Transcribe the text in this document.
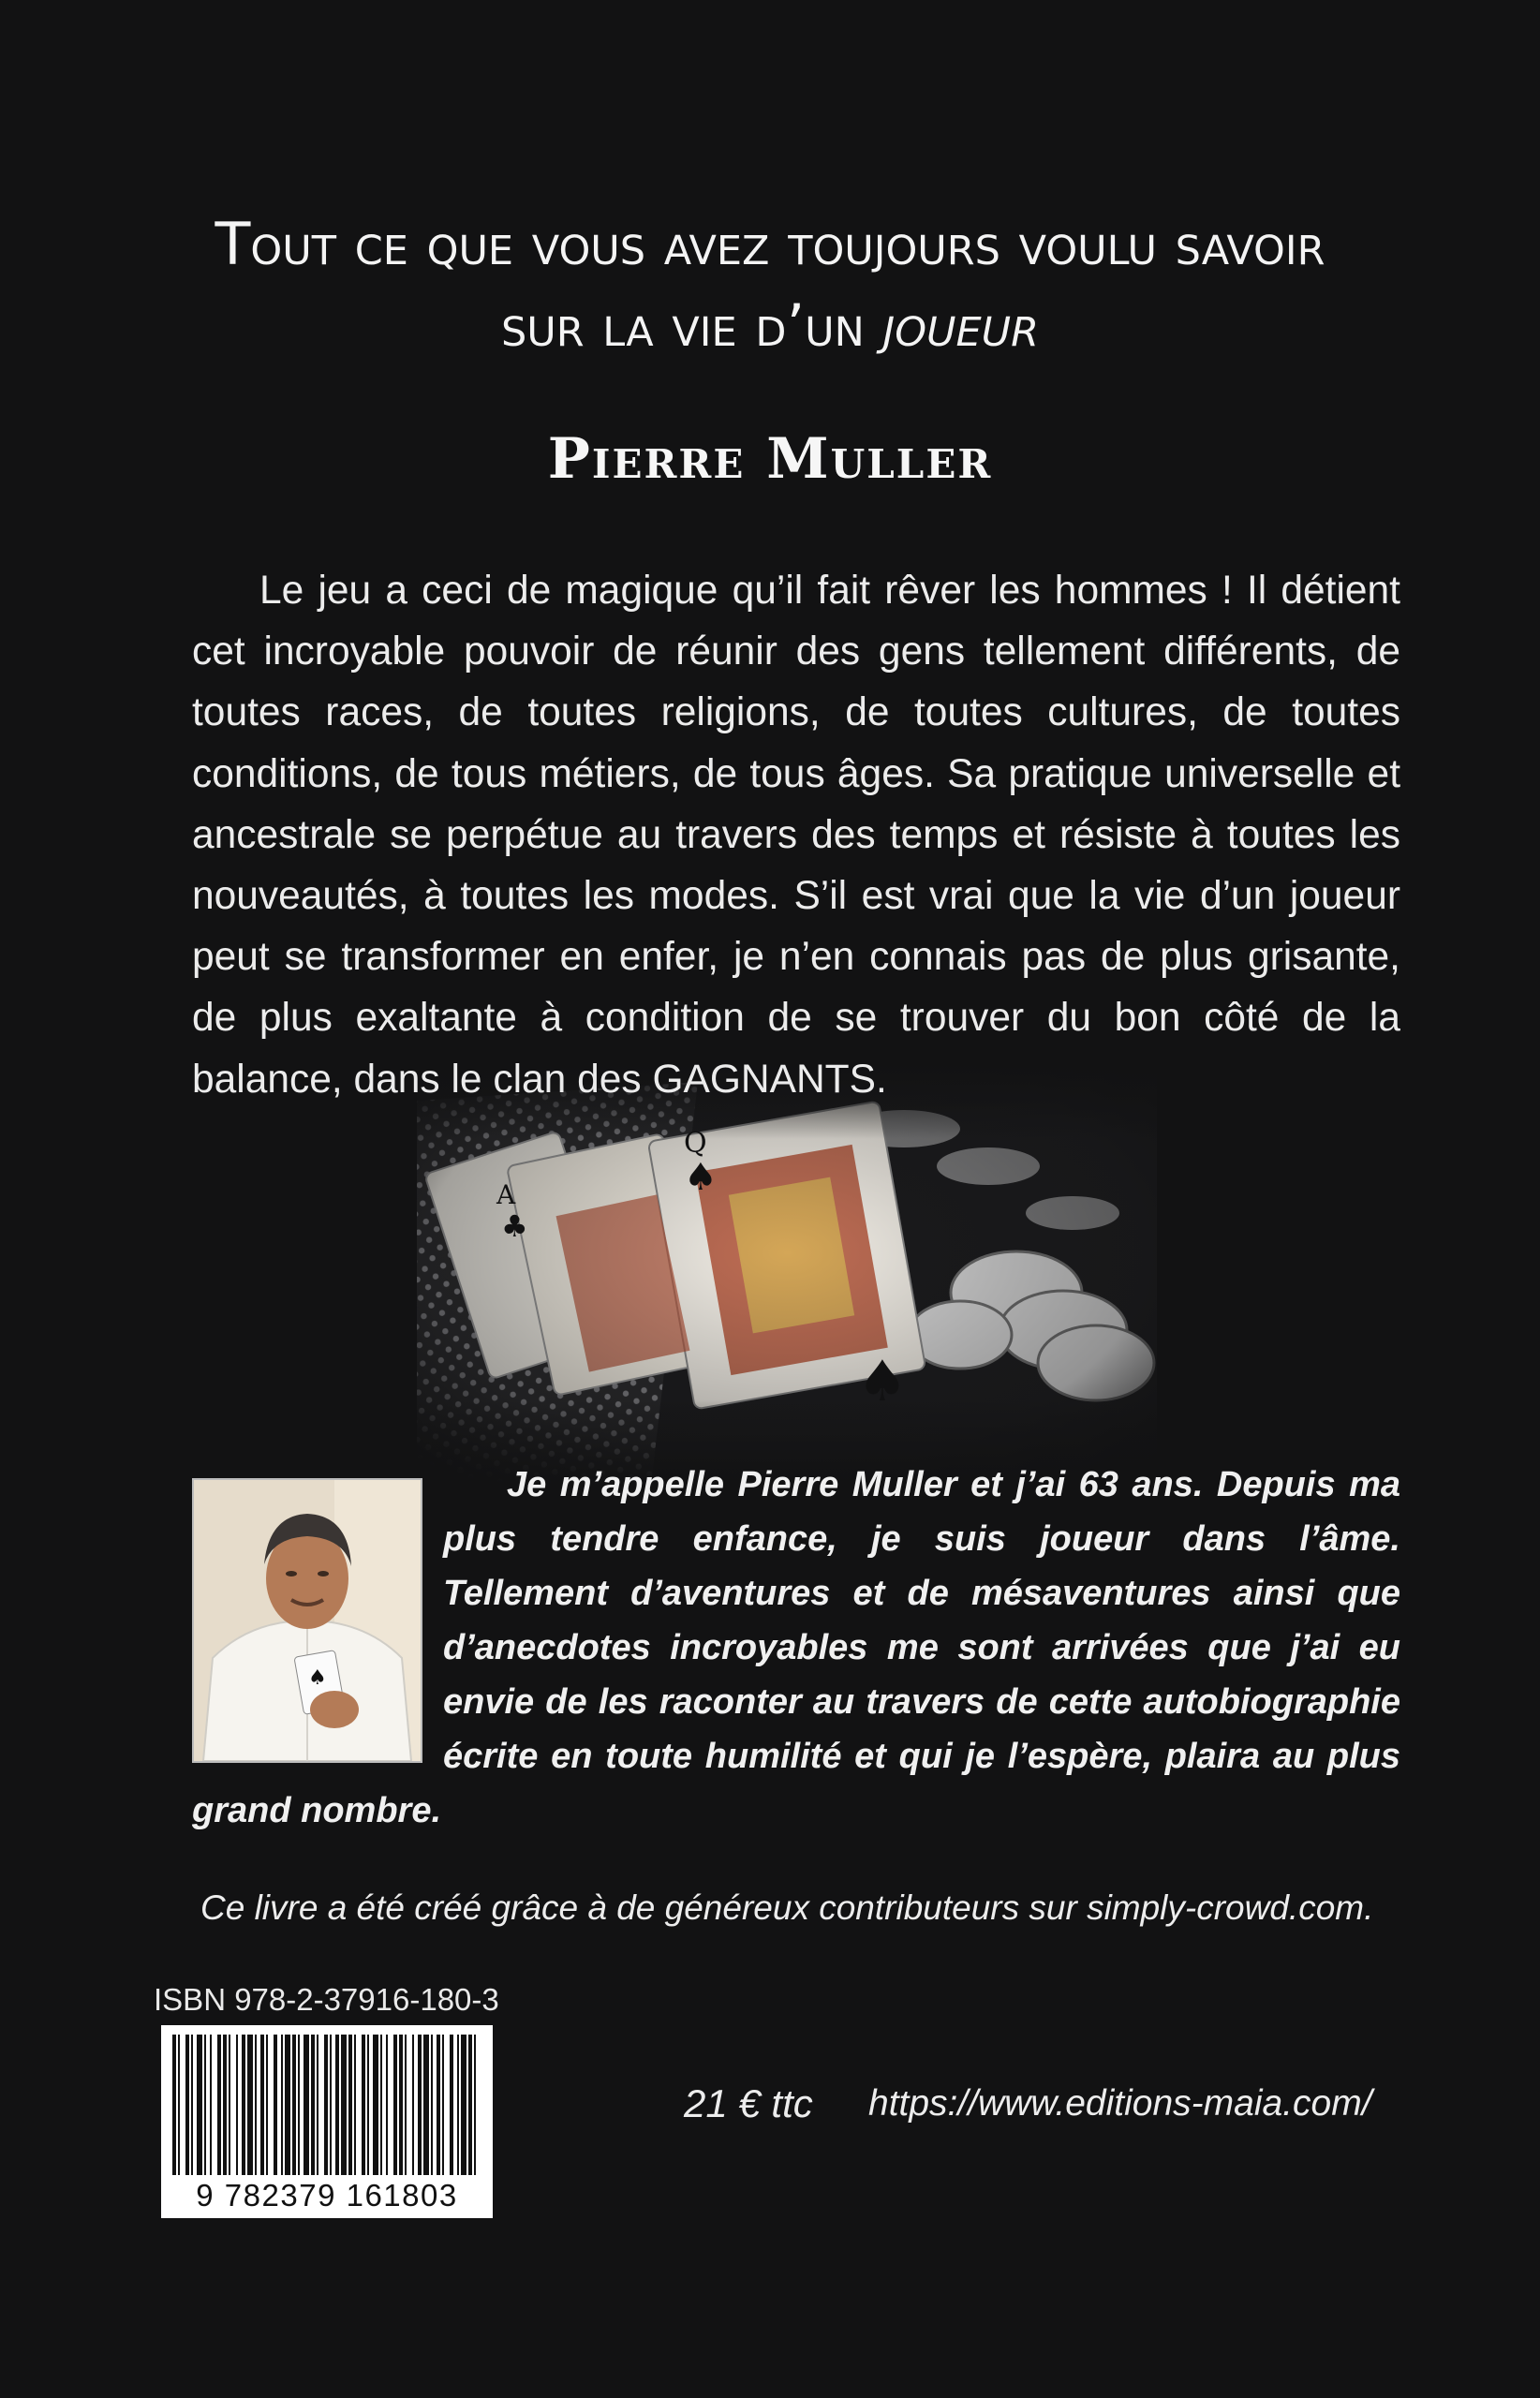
Tout ce que vous avez toujours voulu savoir
sur la vie d’un joueur
Pierre Muller
Le jeu a ceci de magique qu’il fait rêver les hommes ! Il détient cet incroyable pouvoir de réunir des gens tellement différents, de toutes races, de toutes religions, de toutes cultures, de toutes conditions, de tous métiers, de tous âges. Sa pratique universelle et ancestrale se perpétue au travers des temps et résiste à toutes les nouveautés, à toutes les modes. S’il est vrai que la vie d’un joueur peut se transformer en enfer, je n’en connais pas de plus grisante, de plus exaltante à condition de se trouver du bon côté de la balance, dans le clan des GAGNANTS.
♠
Je m’appelle Pierre Muller et j’ai 63 ans. Depuis ma plus tendre enfance, je suis joueur dans l’âme. Tellement d’aventures et de mésaventures ainsi que d’anecdotes incroyables me sont arrivées que j’ai eu envie de les raconter au travers de cette autobiographie écrite en toute humilité et qui je l’espère, plaira au plus grand nombre.
Ce livre a été créé grâce à de généreux contributeurs sur simply-crowd.com.
ISBN 978-2-37916-180-3
9 782379 161803
21 € ttc https://www.editions-maia.com/
